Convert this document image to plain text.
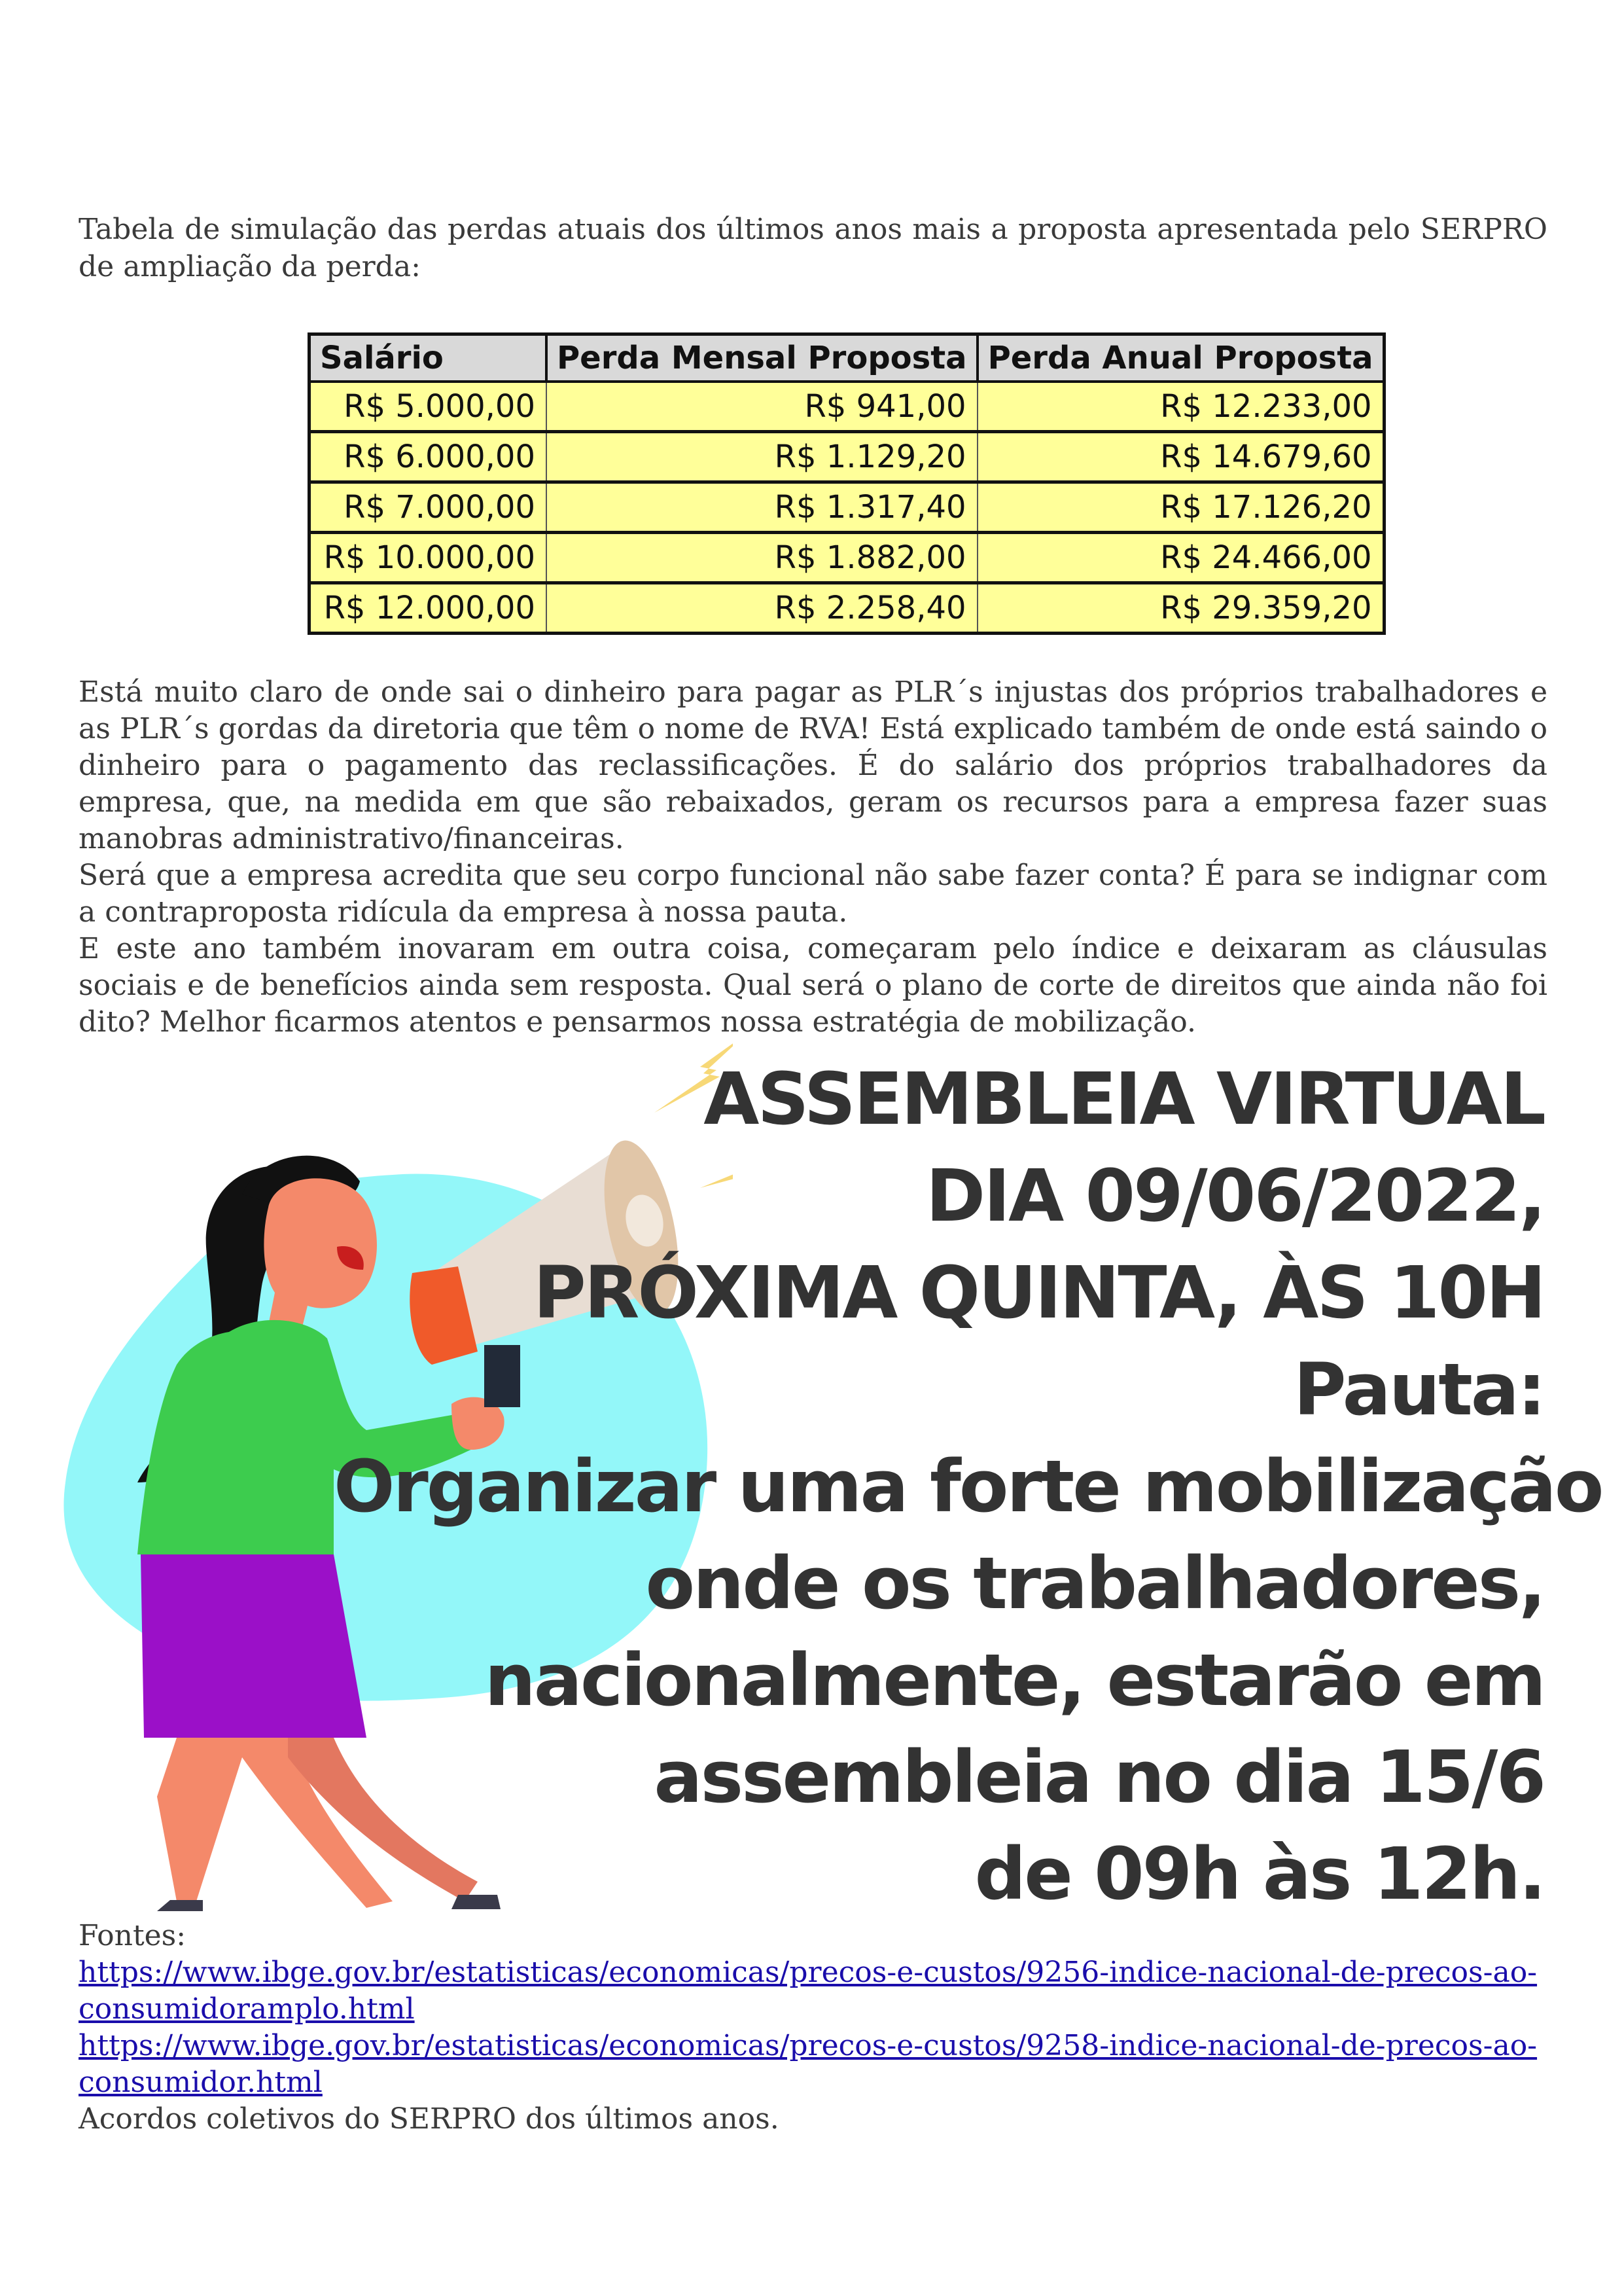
Tabela de simulação das perdas atuais dos últimos anos mais a proposta apresentada pelo SERPRO de ampliação da perda:

Salário	Perda Mensal Proposta	Perda Anual Proposta
R$ 5.000,00	R$ 941,00	R$ 12.233,00
R$ 6.000,00	R$ 1.129,20	R$ 14.679,60
R$ 7.000,00	R$ 1.317,40	R$ 17.126,20
R$ 10.000,00	R$ 1.882,00	R$ 24.466,00
R$ 12.000,00	R$ 2.258,40	R$ 29.359,20

Está muito claro de onde sai o dinheiro para pagar as PLR´s injustas dos próprios trabalhadores e as PLR´s gordas da diretoria que têm o nome de RVA! Está explicado também de onde está saindo o dinheiro para o pagamento das reclassificações. É do salário dos próprios trabalhadores da empresa, que, na medida em que são rebaixados, geram os recursos para a empresa fazer suas manobras administrativo/financeiras.

Será que a empresa acredita que seu corpo funcional não sabe fazer conta? É para se indignar com a contraproposta ridícula da empresa à nossa pauta.

E este ano também inovaram em outra coisa, começaram pelo índice e deixaram as cláusulas sociais e de benefícios ainda sem resposta. Qual será o plano de corte de direitos que ainda não foi dito? Melhor ficarmos atentos e pensarmos nossa estratégia de mobilização.

ASSEMBLEIA VIRTUAL
DIA 09/06/2022,
PRÓXIMA QUINTA, ÀS 10H
Pauta:
Organizar uma forte mobilização
onde os trabalhadores,
nacionalmente, estarão em
assembleia no dia 15/6
de 09h às 12h.
Fontes:
https://www.ibge.gov.br/estatisticas/economicas/precos-e-custos/9256-indice-nacional-de-precos-ao-consumidoramplo.html
https://www.ibge.gov.br/estatisticas/economicas/precos-e-custos/9258-indice-nacional-de-precos-ao-consumidor.html
Acordos coletivos do SERPRO dos últimos anos.
